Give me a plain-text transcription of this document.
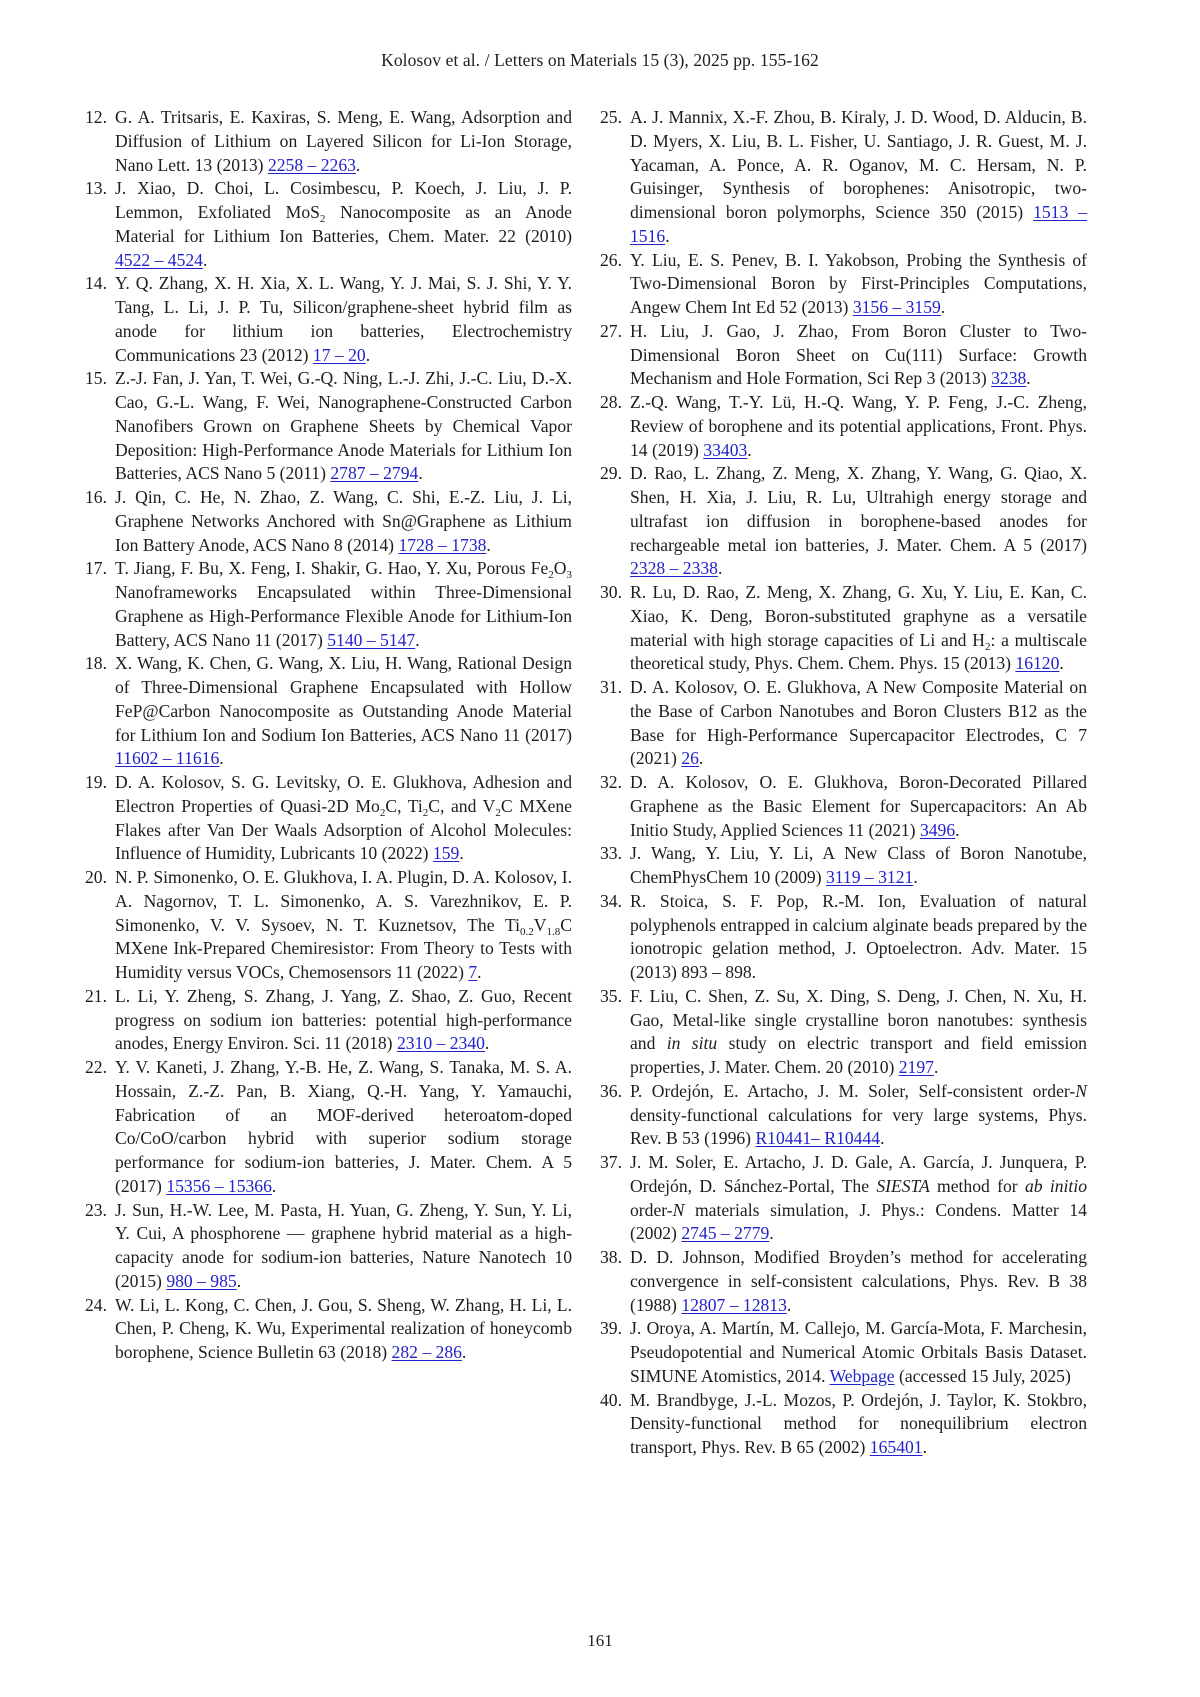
Kolosov et al. / Letters on Materials 15 (3), 2025 pp. 155-162
12. G. A. Tritsaris, E. Kaxiras, S. Meng, E. Wang, Adsorption and Diffusion of Lithium on Layered Silicon for Li-Ion Storage, Nano Lett. 13 (2013) 2258 – 2263.
13. J. Xiao, D. Choi, L. Cosimbescu, P. Koech, J. Liu, J. P. Lemmon, Exfoliated MoS$_2$ Nanocomposite as an Anode Material for Lithium Ion Batteries, Chem. Mater. 22 (2010) 4522 – 4524.
14. Y. Q. Zhang, X. H. Xia, X. L. Wang, Y. J. Mai, S. J. Shi, Y. Y. Tang, L. Li, J. P. Tu, Silicon/graphene-sheet hybrid film as anode for lithium ion batteries, Electrochemistry Communications 23 (2012) 17 – 20.
15. Z.-J. Fan, J. Yan, T. Wei, G.-Q. Ning, L.-J. Zhi, J.-C. Liu, D.-X. Cao, G.-L. Wang, F. Wei, Nanographene-Constructed Carbon Nanofibers Grown on Graphene Sheets by Chemical Vapor Deposition: High-Performance Anode Materials for Lithium Ion Batteries, ACS Nano 5 (2011) 2787 – 2794.
16. J. Qin, C. He, N. Zhao, Z. Wang, C. Shi, E.-Z. Liu, J. Li, Graphene Networks Anchored with Sn@Graphene as Lithium Ion Battery Anode, ACS Nano 8 (2014) 1728 – 1738.
17. T. Jiang, F. Bu, X. Feng, I. Shakir, G. Hao, Y. Xu, Porous $Fe_2O_3$ Nanoframeworks Encapsulated within Three-Dimensional Graphene as High-Performance Flexible Anode for Lithium-Ion Battery, ACS Nano 11 (2017) 5140 – 5147.
18. X. Wang, K. Chen, G. Wang, X. Liu, H. Wang, Rational Design of Three-Dimensional Graphene Encapsulated with Hollow FeP@Carbon Nanocomposite as Outstanding Anode Material for Lithium Ion and Sodium Ion Batteries, ACS Nano 11 (2017) 11602 – 11616.
19. D. A. Kolosov, S. G. Levitsky, O. E. Glukhova, Adhesion and Electron Properties of Quasi-2D $Mo_2C$, $Ti_2C$, and $V_2C$ MXene Flakes after Van Der Waals Adsorption of Alcohol Molecules: Influence of Humidity, Lubricants 10 (2022) 159.
20. N. P. Simonenko, O. E. Glukhova, I. A. Plugin, D. A. Kolosov, I. A. Nagornov, T. L. Simonenko, A. S. Varezhnikov, E. P. Simonenko, V. V. Sysoev, N. T. Kuznetsov, The $Ti_{0.2}V_{1.8}C$ MXene Ink-Prepared Chemiresistor: From Theory to Tests with Humidity versus VOCs, Chemosensors 11 (2022) 7.
21. L. Li, Y. Zheng, S. Zhang, J. Yang, Z. Shao, Z. Guo, Recent progress on sodium ion batteries: potential high-performance anodes, Energy Environ. Sci. 11 (2018) 2310 – 2340.
22. Y. V. Kaneti, J. Zhang, Y.-B. He, Z. Wang, S. Tanaka, M. S. A. Hossain, Z.-Z. Pan, B. Xiang, Q.-H. Yang, Y. Yamauchi, Fabrication of an MOF-derived heteroatom-doped Co/CoO/carbon hybrid with superior sodium storage performance for sodium-ion batteries, J. Mater. Chem. A 5 (2017) 15356 – 15366.
23. J. Sun, H.-W. Lee, M. Pasta, H. Yuan, G. Zheng, Y. Sun, Y. Li, Y. Cui, A phosphorene — graphene hybrid material as a high-capacity anode for sodium-ion batteries, Nature Nanotech 10 (2015) 980 – 985.
24. W. Li, L. Kong, C. Chen, J. Gou, S. Sheng, W. Zhang, H. Li, L. Chen, P. Cheng, K. Wu, Experimental realization of honeycomb borophene, Science Bulletin 63 (2018) 282 – 286.
25. A. J. Mannix, X.-F. Zhou, B. Kiraly, J. D. Wood, D. Alducin, B. D. Myers, X. Liu, B. L. Fisher, U. Santiago, J. R. Guest, M. J. Yacaman, A. Ponce, A. R. Oganov, M. C. Hersam, N. P. Guisinger, Synthesis of borophenes: Anisotropic, two-dimensional boron polymorphs, Science 350 (2015) 1513 – 1516.
26. Y. Liu, E. S. Penev, B. I. Yakobson, Probing the Synthesis of Two-Dimensional Boron by First-Principles Computations, Angew Chem Int Ed 52 (2013) 3156 – 3159.
27. H. Liu, J. Gao, J. Zhao, From Boron Cluster to Two-Dimensional Boron Sheet on Cu(111) Surface: Growth Mechanism and Hole Formation, Sci Rep 3 (2013) 3238.
28. Z.-Q. Wang, T.-Y. Lü, H.-Q. Wang, Y. P. Feng, J.-C. Zheng, Review of borophene and its potential applications, Front. Phys. 14 (2019) 33403.
29. D. Rao, L. Zhang, Z. Meng, X. Zhang, Y. Wang, G. Qiao, X. Shen, H. Xia, J. Liu, R. Lu, Ultrahigh energy storage and ultrafast ion diffusion in borophene-based anodes for rechargeable metal ion batteries, J. Mater. Chem. A 5 (2017) 2328 – 2338.
30. R. Lu, D. Rao, Z. Meng, X. Zhang, G. Xu, Y. Liu, E. Kan, C. Xiao, K. Deng, Boron-substituted graphyne as a versatile material with high storage capacities of Li and $H_2$: a multiscale theoretical study, Phys. Chem. Chem. Phys. 15 (2013) 16120.
31. D. A. Kolosov, O. E. Glukhova, A New Composite Material on the Base of Carbon Nanotubes and Boron Clusters B12 as the Base for High-Performance Supercapacitor Electrodes, C 7 (2021) 26.
32. D. A. Kolosov, O. E. Glukhova, Boron-Decorated Pillared Graphene as the Basic Element for Supercapacitors: An Ab Initio Study, Applied Sciences 11 (2021) 3496.
33. J. Wang, Y. Liu, Y. Li, A New Class of Boron Nanotube, ChemPhysChem 10 (2009) 3119 – 3121.
34. R. Stoica, S. F. Pop, R.-M. Ion, Evaluation of natural polyphenols entrapped in calcium alginate beads prepared by the ionotropic gelation method, J. Optoelectron. Adv. Mater. 15 (2013) 893 – 898.
35. F. Liu, C. Shen, Z. Su, X. Ding, S. Deng, J. Chen, N. Xu, H. Gao, Metal-like single crystalline boron nanotubes: synthesis and in situ study on electric transport and field emission properties, J. Mater. Chem. 20 (2010) 2197.
36. P. Ordejón, E. Artacho, J. M. Soler, Self-consistent order-N density-functional calculations for very large systems, Phys. Rev. B 53 (1996) R10441– R10444.
37. J. M. Soler, E. Artacho, J. D. Gale, A. García, J. Junquera, P. Ordejón, D. Sánchez-Portal, The SIESTA method for ab initio order-N materials simulation, J. Phys.: Condens. Matter 14 (2002) 2745 – 2779.
38. D. D. Johnson, Modified Broyden’s method for accelerating convergence in self-consistent calculations, Phys. Rev. B 38 (1988) 12807 – 12813.
39. J. Oroya, A. Martín, M. Callejo, M. García-Mota, F. Marchesin, Pseudopotential and Numerical Atomic Orbitals Basis Dataset. SIMUNE Atomistics, 2014. Webpage (accessed 15 July, 2025)
40. M. Brandbyge, J.-L. Mozos, P. Ordejón, J. Taylor, K. Stokbro, Density-functional method for nonequilibrium electron transport, Phys. Rev. B 65 (2002) 165401.
161
